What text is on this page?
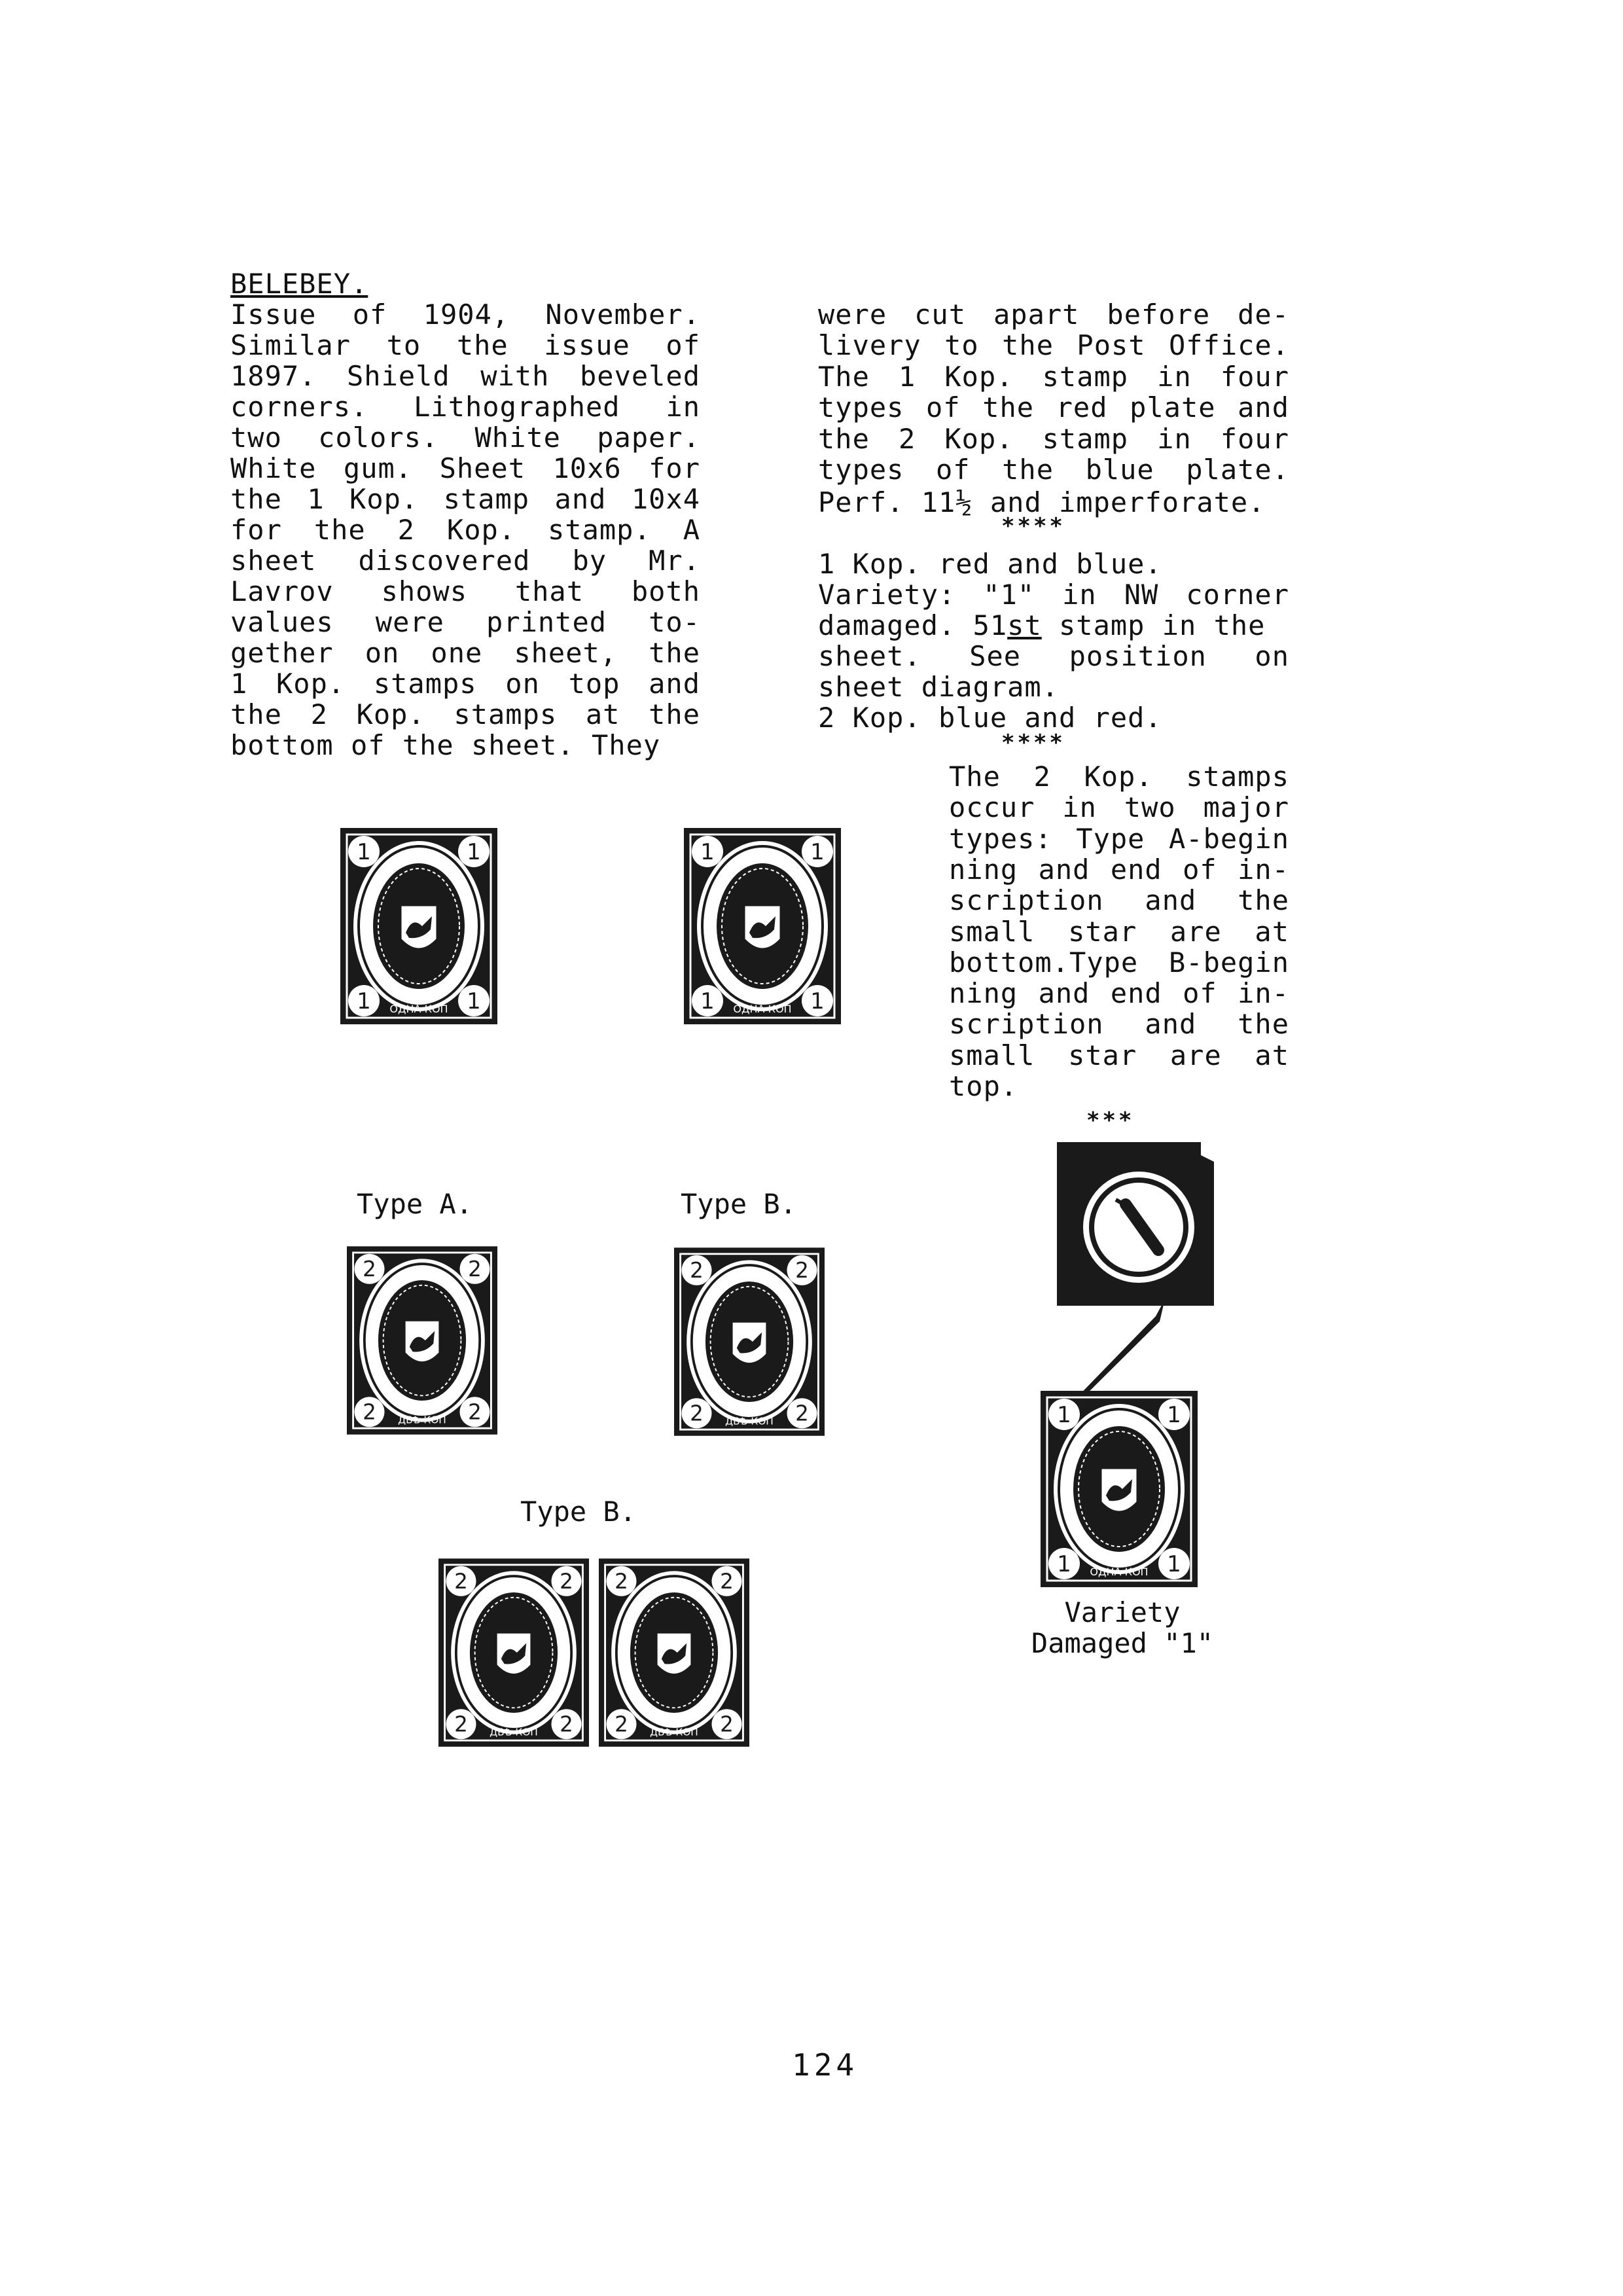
BELEBEY.
Issue of 1904, November.
Similar to the issue of
1897. Shield with beveled
corners. Lithographed in
two colors. White paper.
White gum. Sheet 10x6 for
the 1 Kop. stamp and 10x4
for the 2 Kop. stamp. A
sheet discovered by Mr.
Lavrov shows that both
values were printed to-
gether on one sheet, the
1 Kop. stamps on top and
the 2 Kop. stamps at the
bottom of the sheet. They
were cut apart before de-
livery to the Post Office.
The 1 Kop. stamp in four
types of the red plate and
the 2 Kop. stamp in four
types of the blue plate.
Perf. 11½ and imperforate.
****
1 Kop. red and blue.
Variety: "1" in NW corner
damaged. 51st stamp in the
sheet. See position on
sheet diagram.
2 Kop. blue and red.
****
The 2 Kop. stamps
occur in two major
types: Type A-begin
ning and end of in-
scription and the
small star are at
bottom.Type B-begin
ning and end of in-
scription and the
small star are at
top.
***
1	1
1	1
ОДНА КОП
1	1
1	1
ОДНА КОП
Type A.	Type B.
2	2
2	2
ДВѢ КОП
2	2
2	2
ДВѢ КОП
Type B.
2	2
2	2
ДВѢ КОП
2	2
2	2
ДВѢ КОП
1	1
1	1
ОДНА КОП
Variety
Damaged "1"
124
